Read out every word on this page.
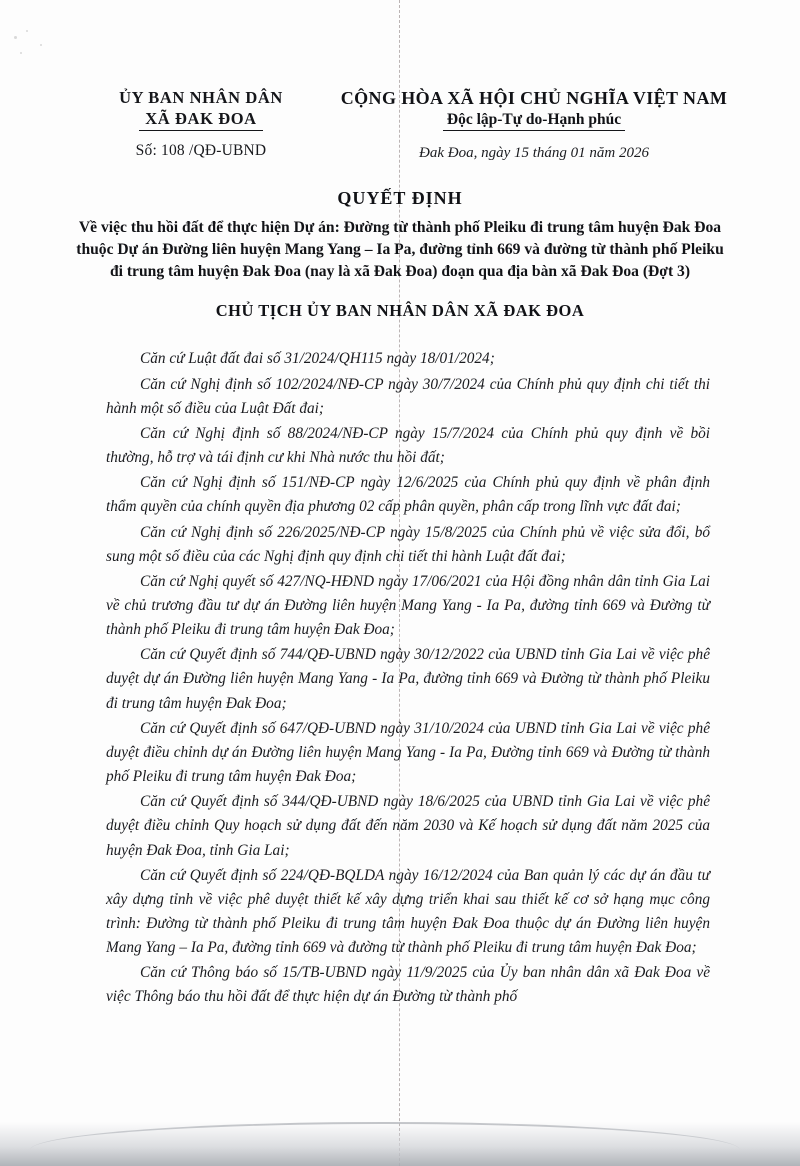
ỦY BAN NHÂN DÂN
XÃ ĐAK ĐOA
Số: 108 /QĐ-UBND
CỘNG HÒA XÃ HỘI CHỦ NGHĨA VIỆT NAM
Độc lập-Tự do-Hạnh phúc
Đak Đoa, ngày 15 tháng 01 năm 2026
QUYẾT ĐỊNH
Về việc thu hồi đất để thực hiện Dự án: Đường từ thành phố Pleiku đi trung tâm huyện Đak Đoa thuộc Dự án Đường liên huyện Mang Yang – Ia Pa, đường tỉnh 669 và đường từ thành phố Pleiku đi trung tâm huyện Đak Đoa (nay là xã Đak Đoa) đoạn qua địa bàn xã Đak Đoa (Đợt 3)
CHỦ TỊCH ỦY BAN NHÂN DÂN XÃ ĐAK ĐOA

Căn cứ Luật đất đai số 31/2024/QH115 ngày 18/01/2024;

Căn cứ Nghị định số 102/2024/NĐ-CP ngày 30/7/2024 của Chính phủ quy định chi tiết thi hành một số điều của Luật Đất đai;

Căn cứ Nghị định số 88/2024/NĐ-CP ngày 15/7/2024 của Chính phủ quy định về bồi thường, hỗ trợ và tái định cư khi Nhà nước thu hồi đất;

Căn cứ Nghị định số 151/NĐ-CP ngày 12/6/2025 của Chính phủ quy định về phân định thẩm quyền của chính quyền địa phương 02 cấp phân quyền, phân cấp trong lĩnh vực đất đai;

Căn cứ Nghị định số 226/2025/NĐ-CP ngày 15/8/2025 của Chính phủ về việc sửa đổi, bổ sung một số điều của các Nghị định quy định chi tiết thi hành Luật đất đai;

Căn cứ Nghị quyết số 427/NQ-HĐND ngày 17/06/2021 của Hội đồng nhân dân tỉnh Gia Lai về chủ trương đầu tư dự án Đường liên huyện Mang Yang - Ia Pa, đường tỉnh 669 và Đường từ thành phố Pleiku đi trung tâm huyện Đak Đoa;

Căn cứ Quyết định số 744/QĐ-UBND ngày 30/12/2022 của UBND tỉnh Gia Lai về việc phê duyệt dự án Đường liên huyện Mang Yang - Ia Pa, đường tỉnh 669 và Đường từ thành phố Pleiku đi trung tâm huyện Đak Đoa;

Căn cứ Quyết định số 647/QĐ-UBND ngày 31/10/2024 của UBND tỉnh Gia Lai về việc phê duyệt điều chỉnh dự án Đường liên huyện Mang Yang - Ia Pa, Đường tỉnh 669 và Đường từ thành phố Pleiku đi trung tâm huyện Đak Đoa;

Căn cứ Quyết định số 344/QĐ-UBND ngày 18/6/2025 của UBND tỉnh Gia Lai về việc phê duyệt điều chỉnh Quy hoạch sử dụng đất đến năm 2030 và Kế hoạch sử dụng đất năm 2025 của huyện Đak Đoa, tỉnh Gia Lai;

Căn cứ Quyết định số 224/QĐ-BQLDA ngày 16/12/2024 của Ban quản lý các dự án đầu tư xây dựng tỉnh về việc phê duyệt thiết kế xây dựng triển khai sau thiết kế cơ sở hạng mục công trình: Đường từ thành phố Pleiku đi trung tâm huyện Đak Đoa thuộc dự án Đường liên huyện Mang Yang – Ia Pa, đường tỉnh 669 và đường từ thành phố Pleiku đi trung tâm huyện Đak Đoa;

Căn cứ Thông báo số 15/TB-UBND ngày 11/9/2025 của Ủy ban nhân dân xã Đak Đoa về việc Thông báo thu hồi đất để thực hiện dự án Đường từ thành phố
